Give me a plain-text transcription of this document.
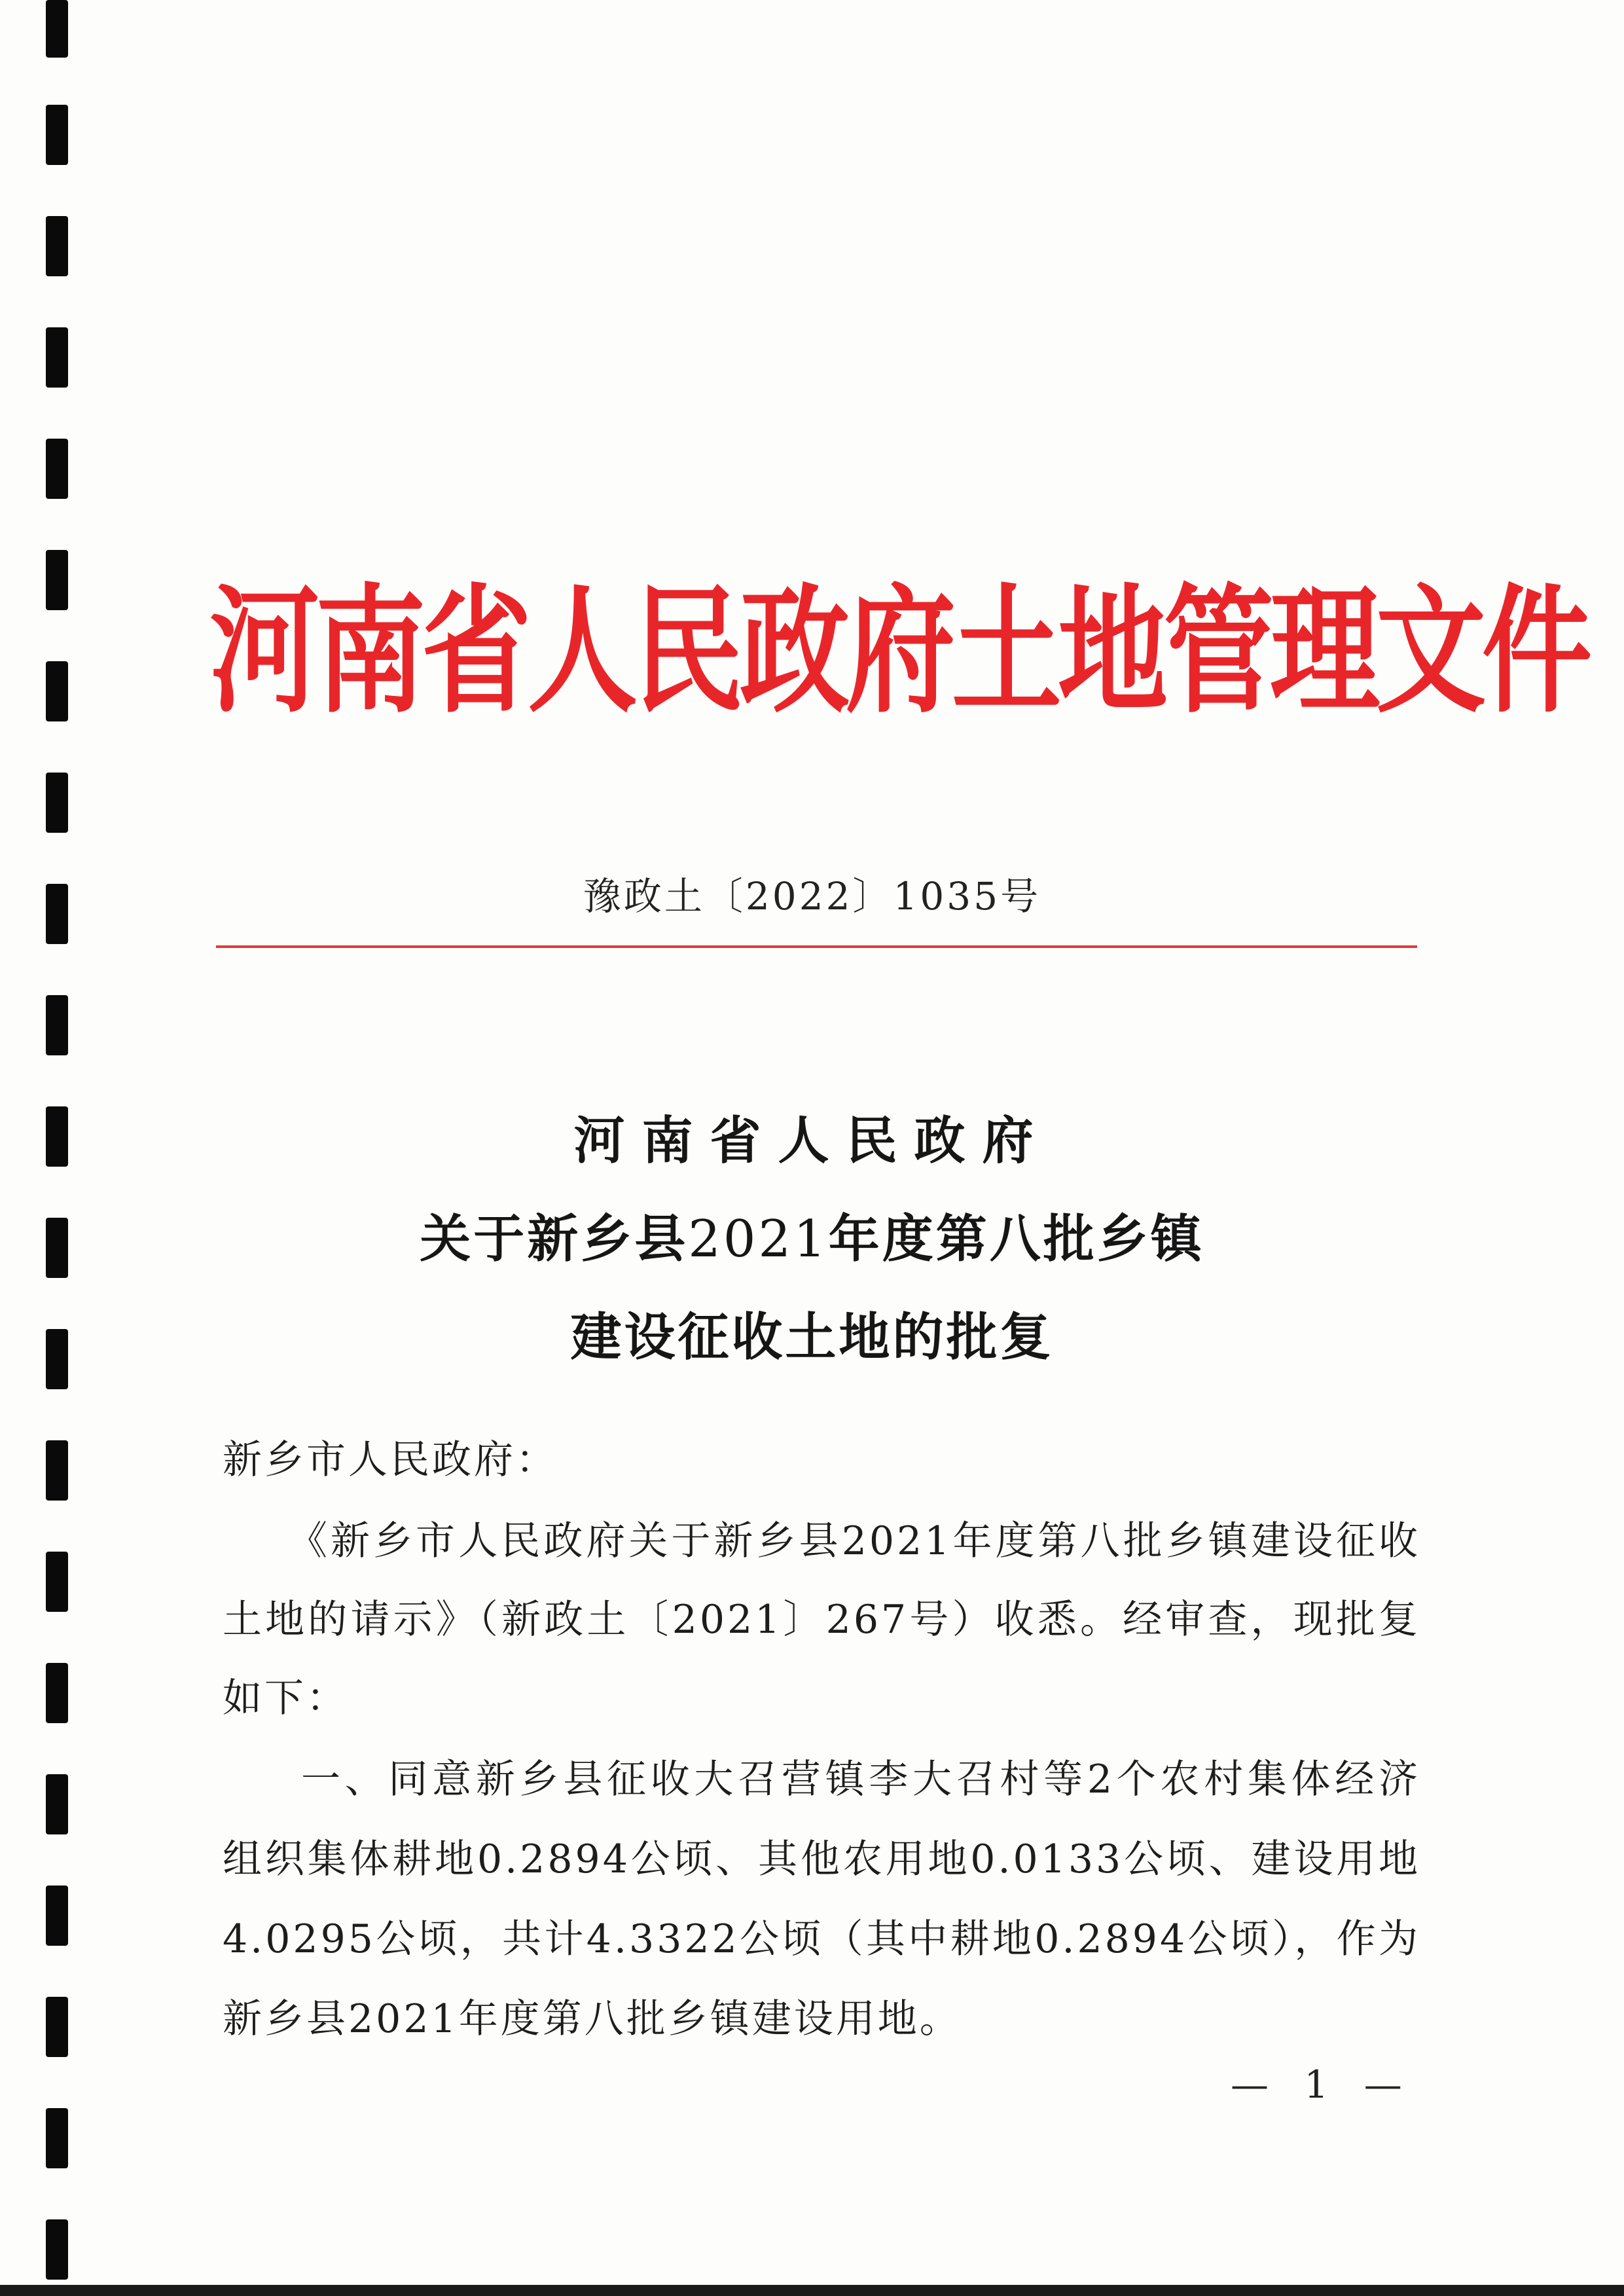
河南省人民政府土地管理文件
豫政土〔2022〕1035号
河南省人民政府
关于新乡县2021年度第八批乡镇
建设征收土地的批复
新乡市人民政府：
《新乡市人民政府关于新乡县2021年度第八批乡镇建设征收
土地的请示》（新政土〔2021〕267号）收悉。经审查，现批复
如下：
一、同意新乡县征收大召营镇李大召村等2个农村集体经济
组织集体耕地0.2894公顷、其他农用地0.0133公顷、建设用地
4.0295公顷，共计4.3322公顷（其中耕地0.2894公顷），作为
新乡县2021年度第八批乡镇建设用地。
— 1 —
